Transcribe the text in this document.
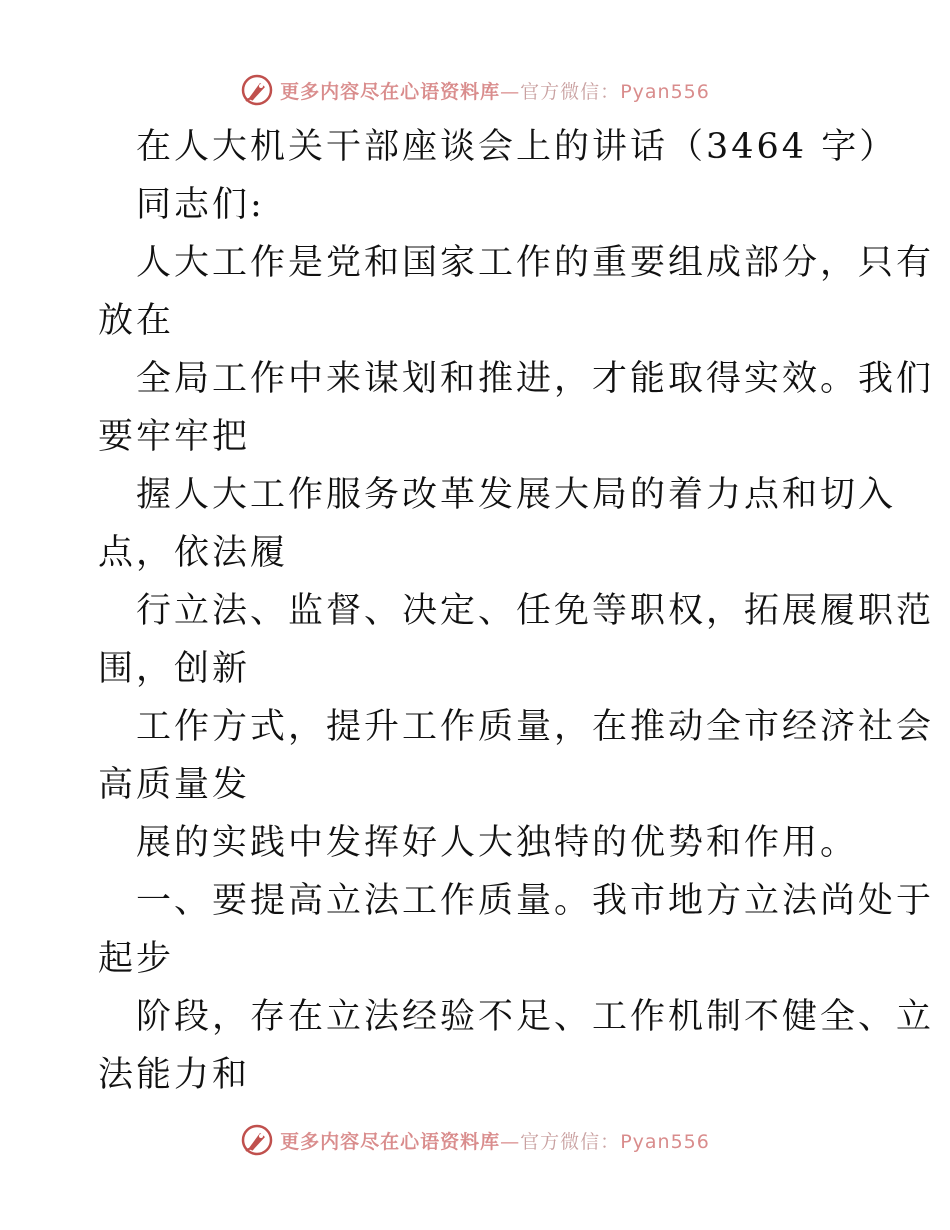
更多内容尽在心语资料库—官方微信：Pyan556
在人大机关干部座谈会上的讲话（3464 字）
同志们:
人大工作是党和国家工作的重要组成部分，只有
放在
全局工作中来谋划和推进，才能取得实效。我们
要牢牢把
握人大工作服务改革发展大局的着力点和切入
点，依法履
行立法、监督、决定、任免等职权，拓展履职范
围，创新
工作方式，提升工作质量，在推动全市经济社会
高质量发
展的实践中发挥好人大独特的优势和作用。
一、要提高立法工作质量。我市地方立法尚处于
起步
阶段，存在立法经验不足、工作机制不健全、立
法能力和
更多内容尽在心语资料库—官方微信：Pyan556
